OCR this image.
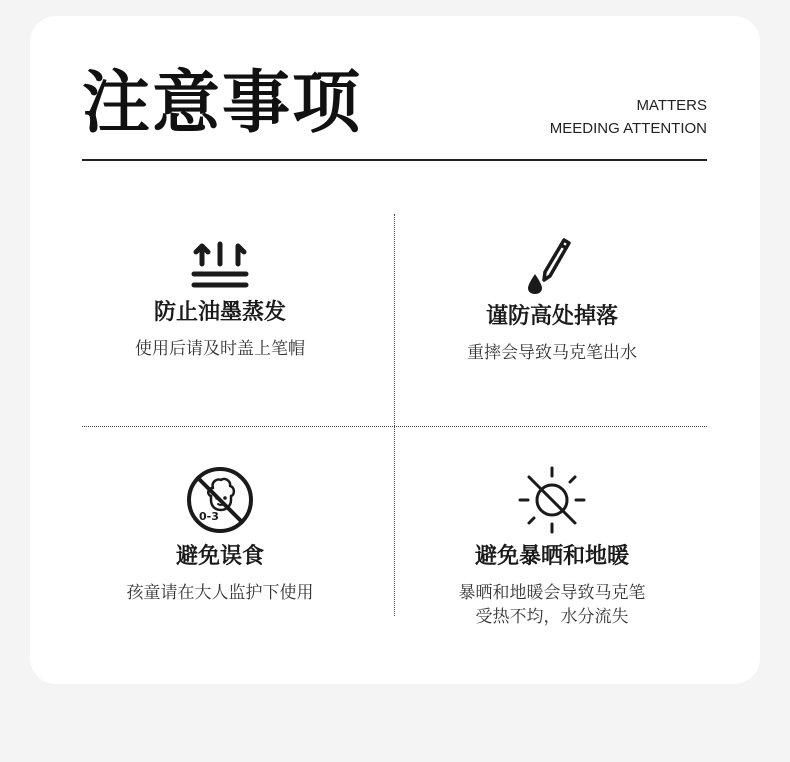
注意事项	MATTERS
MEEDING ATTENTION
防止油墨蒸发
使用后请及时盖上笔帽
谨防高处掉落
重摔会导致马克笔出水
0-3
避免误食
孩童请在大人监护下使用
避免暴晒和地暖
暴晒和地暖会导致马克笔
受热不均，水分流失
